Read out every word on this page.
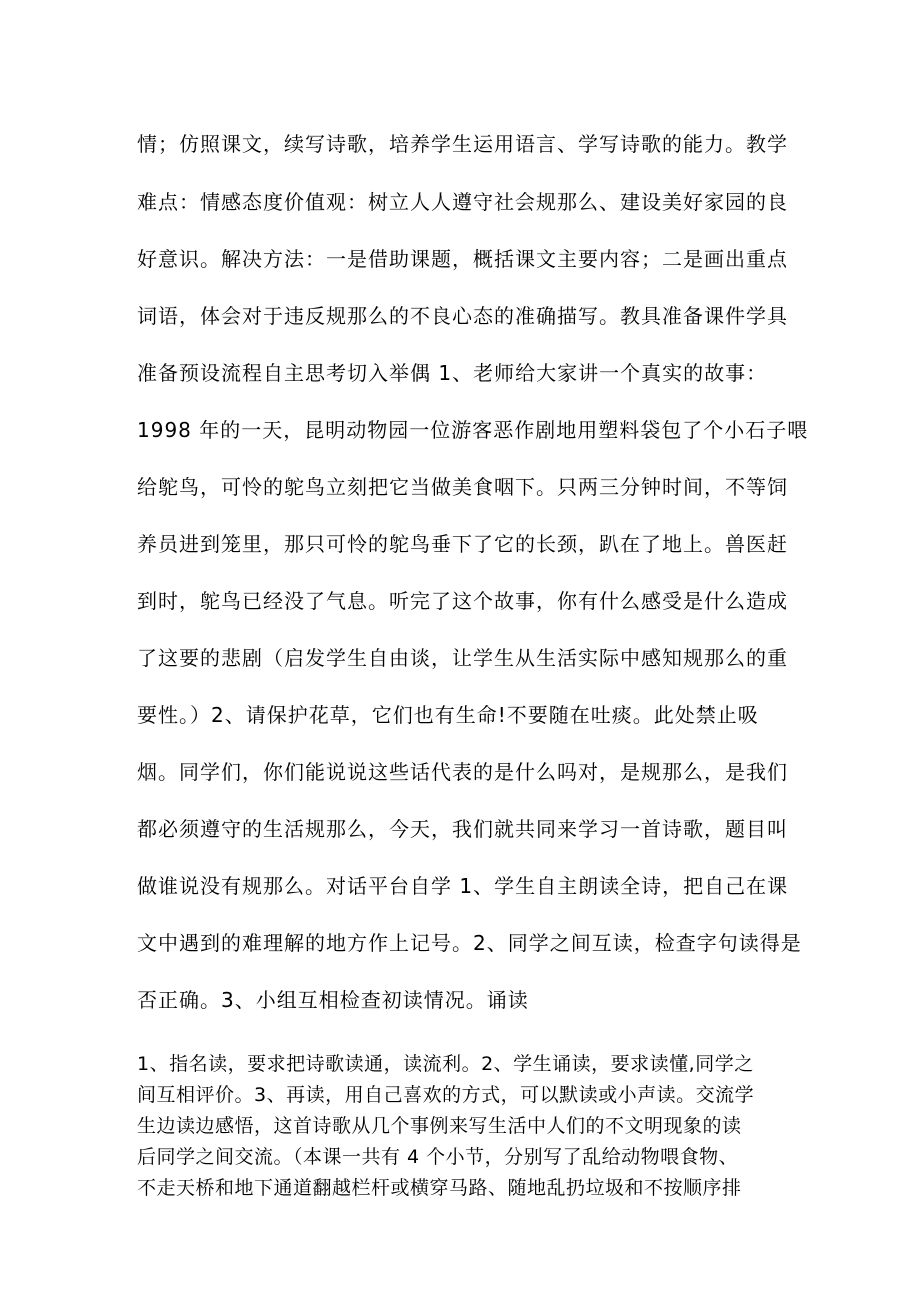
情；仿照课文，续写诗歌，培养学生运用语言、学写诗歌的能力。教学
难点：情感态度价值观：树立人人遵守社会规那么、建设美好家园的良
好意识。解决方法：一是借助课题，概括课文主要内容；二是画出重点
词语，体会对于违反规那么的不良心态的准确描写。教具准备课件学具
准备预设流程自主思考切入举偶 1、老师给大家讲一个真实的故事：
1998 年的一天，昆明动物园一位游客恶作剧地用塑料袋包了个小石子喂
给鸵鸟，可怜的鸵鸟立刻把它当做美食咽下。只两三分钟时间，不等饲
养员进到笼里，那只可怜的鸵鸟垂下了它的长颈，趴在了地上。兽医赶
到时，鸵鸟已经没了气息。听完了这个故事，你有什么感受是什么造成
了这要的悲剧（启发学生自由谈，让学生从生活实际中感知规那么的重
要性。）2、请保护花草，它们也有生命!不要随在吐痰。此处禁止吸
烟。同学们，你们能说说这些话代表的是什么吗对，是规那么，是我们
都必须遵守的生活规那么，今天，我们就共同来学习一首诗歌，题目叫
做谁说没有规那么。对话平台自学 1、学生自主朗读全诗，把自己在课
文中遇到的难理解的地方作上记号。2、同学之间互读，检查字句读得是
否正确。3、小组互相检查初读情况。诵读
1、指名读，要求把诗歌读通，读流利。2、学生诵读，要求读懂,同学之
间互相评价。3、再读，用自己喜欢的方式，可以默读或小声读。交流学
生边读边感悟，这首诗歌从几个事例来写生活中人们的不文明现象的读
后同学之间交流。（本课一共有 4 个小节，分别写了乱给动物喂食物、
不走天桥和地下通道翻越栏杆或横穿马路、随地乱扔垃圾和不按顺序排
